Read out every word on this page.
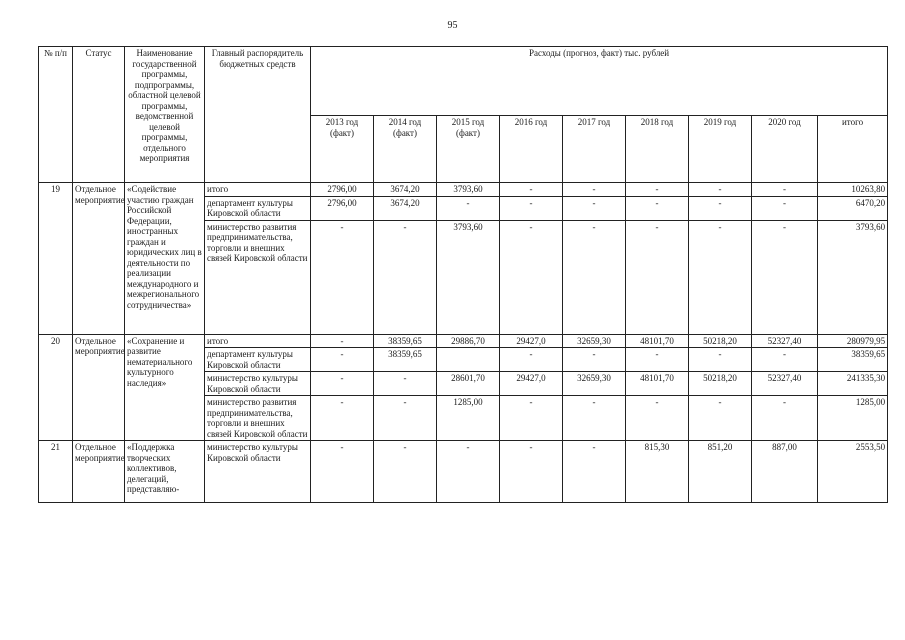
95
№ п/п	Статус	Наименование государственной программы, подпрограммы, областной целевой программы, ведомственной целевой программы, отдельного мероприятия	Главный распорядитель бюджетных средств	Расходы (прогноз, факт) тыс. рублей								
				2013 год (факт)	2014 год (факт)	2015 год (факт)	2016 год	2017 год	2018 год	2019 год	2020 год	итого
19	Отдельное мероприятие	«Содействие участию граждан Российской Федерации, иностранных граждан и юридических лиц в деятельности по реализации международного и межрегионального сотрудничества»	итого	2796,00	3674,20	3793,60	-	-	-	-	-	10263,80
			департамент культуры Кировской области	2796,00	3674,20	-	-	-	-	-	-	6470,20
			министерство развития предпринимательства, торговли и внешних связей Кировской области	-	-	3793,60	-	-	-	-	-	3793,60
20	Отдельное мероприятие	«Сохранение и развитие нематериального культурного наследия»	итого	-	38359,65	29886,70	29427,0	32659,30	48101,70	50218,20	52327,40	280979,95
			департамент культуры Кировской области	-	38359,65		-	-	-	-	-	38359,65
			министерство культуры Кировской области	-	-	28601,70	29427,0	32659,30	48101,70	50218,20	52327,40	241335,30
			министерство развития предпринимательства, торговли и внешних связей Кировской области	-	-	1285,00	-	-	-	-	-	1285,00
21	Отдельное мероприятие	«Поддержка творческих коллективов, делегаций, представляю-	министерство культуры Кировской области	-	-	-	-	-	815,30	851,20	887,00	2553,50
